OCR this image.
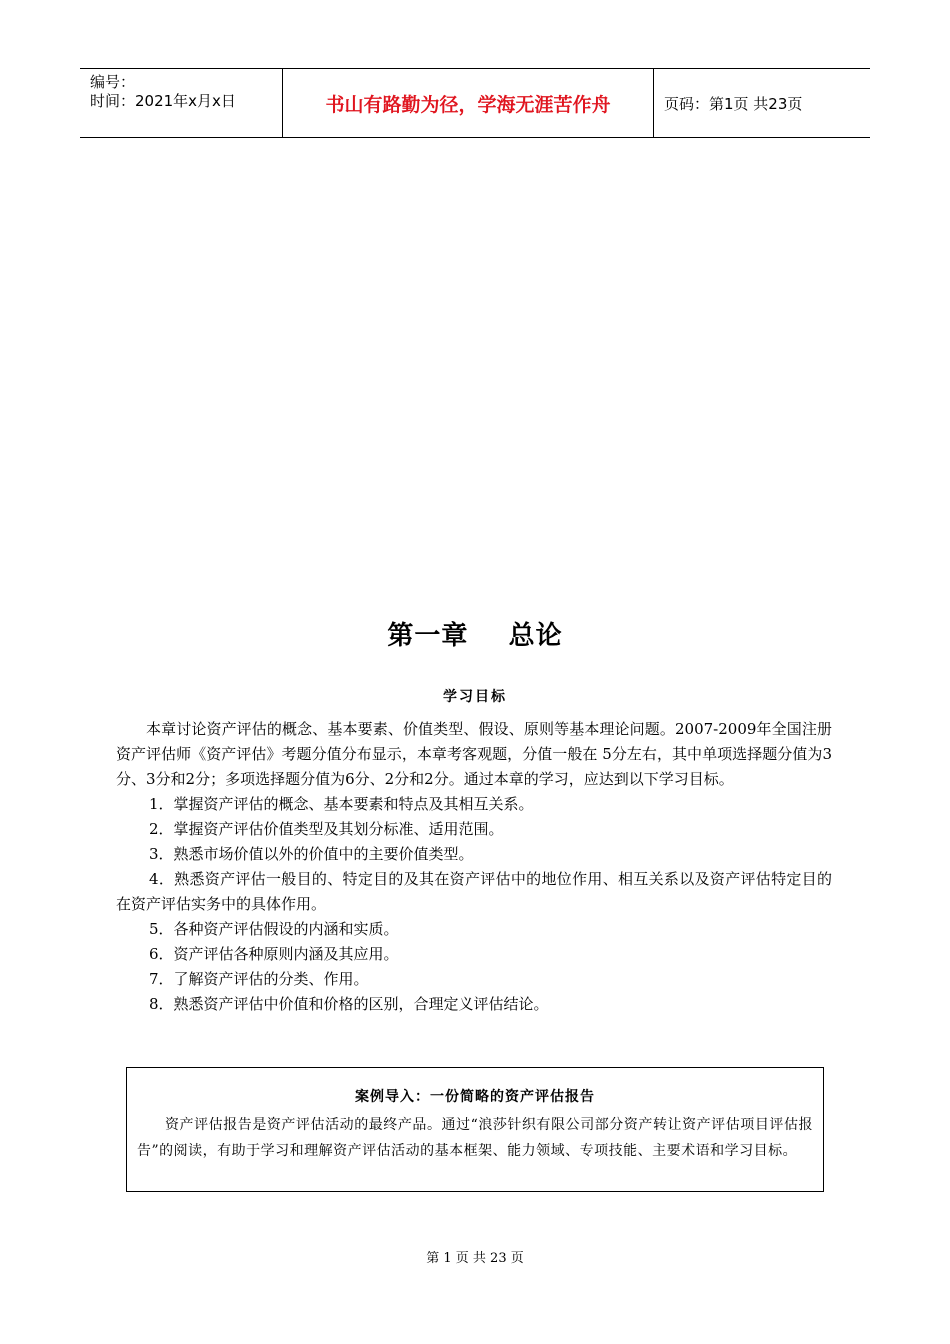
编号：
时间：2021年x月x日	书山有路勤为径，学海无涯苦作舟	页码：第1页 共23页
第一章    总论
学习目标

本章讨论资产评估的概念、基本要素、价值类型、假设、原则等基本理论问题。2007-2009年全国注册资产评估师《资产评估》考题分值分布显示，本章考客观题，分值一般在 5分左右，其中单项选择题分值为3分、3分和2分；多项选择题分值为6分、2分和2分。通过本章的学习，应达到以下学习目标。

1．掌握资产评估的概念、基本要素和特点及其相互关系。

2．掌握资产评估价值类型及其划分标准、适用范围。

3．熟悉市场价值以外的价值中的主要价值类型。

4．熟悉资产评估一般目的、特定目的及其在资产评估中的地位作用、相互关系以及资产评估特定目的在资产评估实务中的具体作用。

5．各种资产评估假设的内涵和实质。

6．资产评估各种原则内涵及其应用。

7．了解资产评估的分类、作用。

8．熟悉资产评估中价值和价格的区别，合理定义评估结论。

案例导入：一份简略的资产评估报告
资产评估报告是资产评估活动的最终产品。通过“浪莎针织有限公司部分资产转让资产评估项目评估报告”的阅读，有助于学习和理解资产评估活动的基本框架、能力领域、专项技能、主要术语和学习目标。
第 1 页 共 23 页
